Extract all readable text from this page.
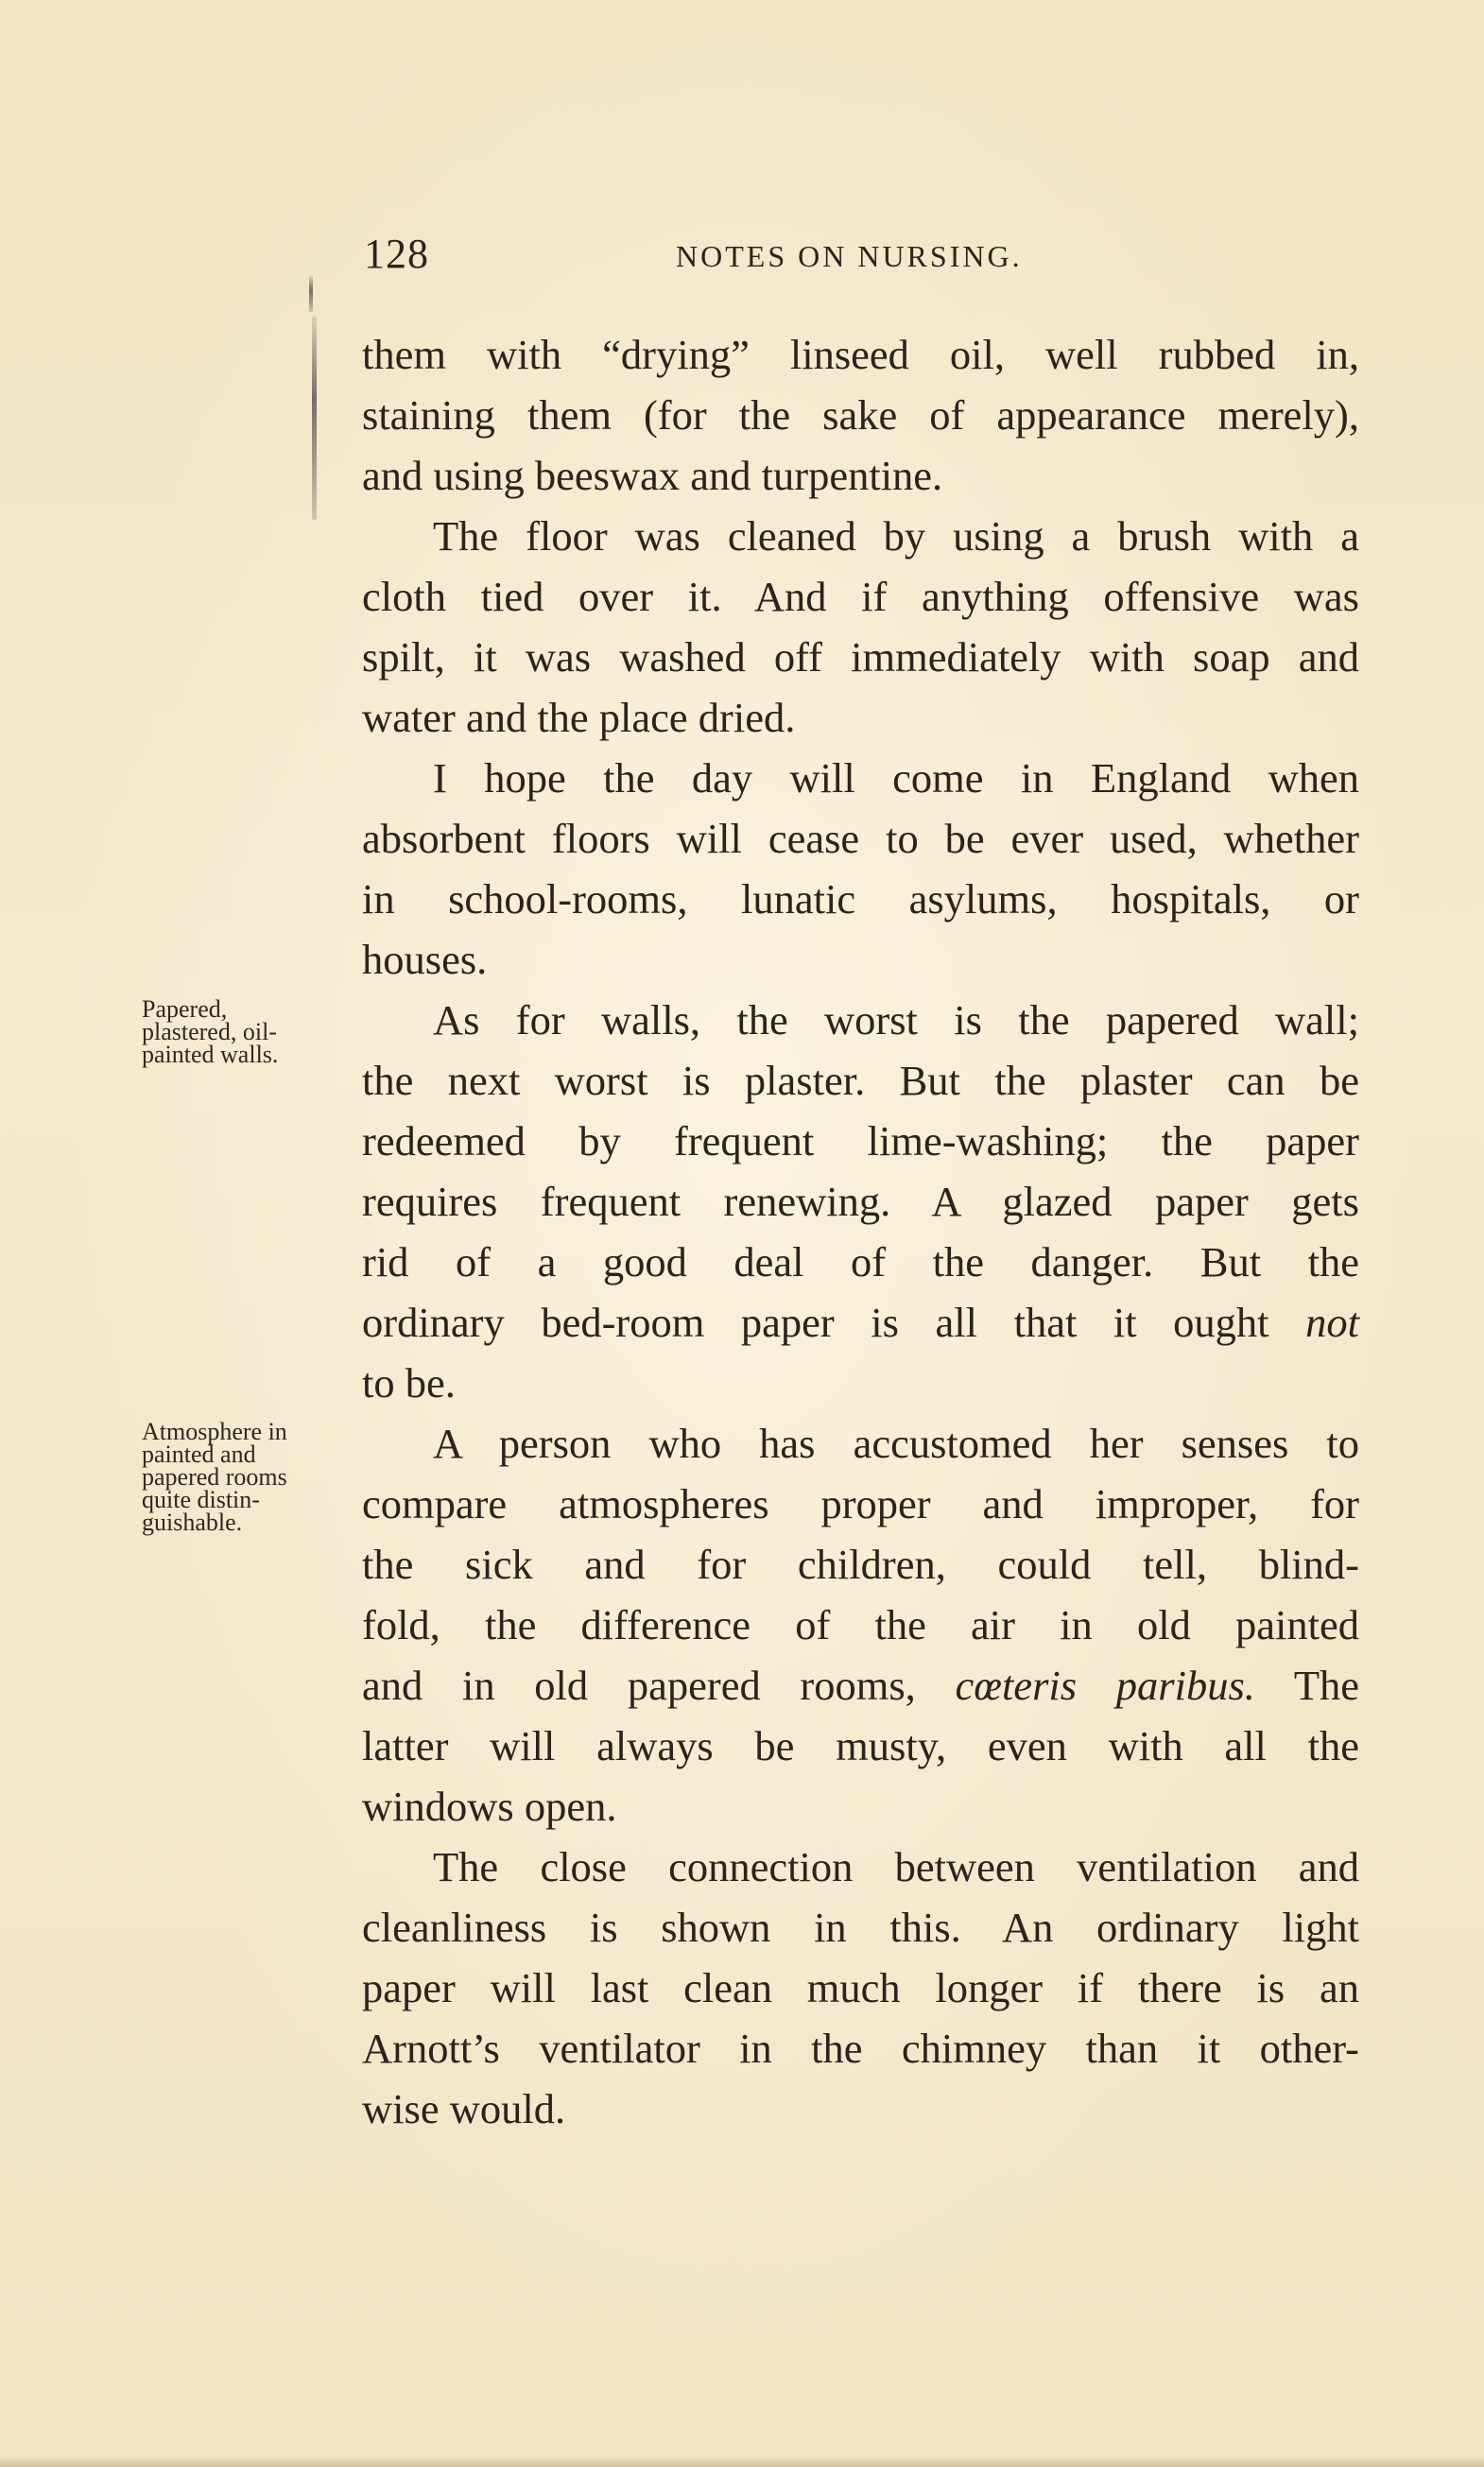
128	NOTES ON NURSING.
Papered,
plastered, oil-
painted walls.
Atmosphere in
painted and
papered rooms
quite distin-
guishable.

them with “drying” linseed oil, well rubbed in,
staining them (for the sake of appearance merely),
and using beeswax and turpentine.

The floor was cleaned by using a brush with a
cloth tied over it. And if anything offensive was
spilt, it was washed off immediately with soap and
water and the place dried.

I hope the day will come in England when
absorbent floors will cease to be ever used, whether
in school-rooms, lunatic asylums, hospitals, or
houses.

As for walls, the worst is the papered wall;
the next worst is plaster. But the plaster can be
redeemed by frequent lime-washing; the paper
requires frequent renewing. A glazed paper gets
rid of a good deal of the danger. But the
ordinary bed-room paper is all that it ought not
to be.

A person who has accustomed her senses to
compare atmospheres proper and improper, for
the sick and for children, could tell, blind-
fold, the difference of the air in old painted
and in old papered rooms, cœteris paribus. The
latter will always be musty, even with all the
windows open.

The close connection between ventilation and
cleanliness is shown in this. An ordinary light
paper will last clean much longer if there is an
Arnott’s ventilator in the chimney than it other-
wise would.
